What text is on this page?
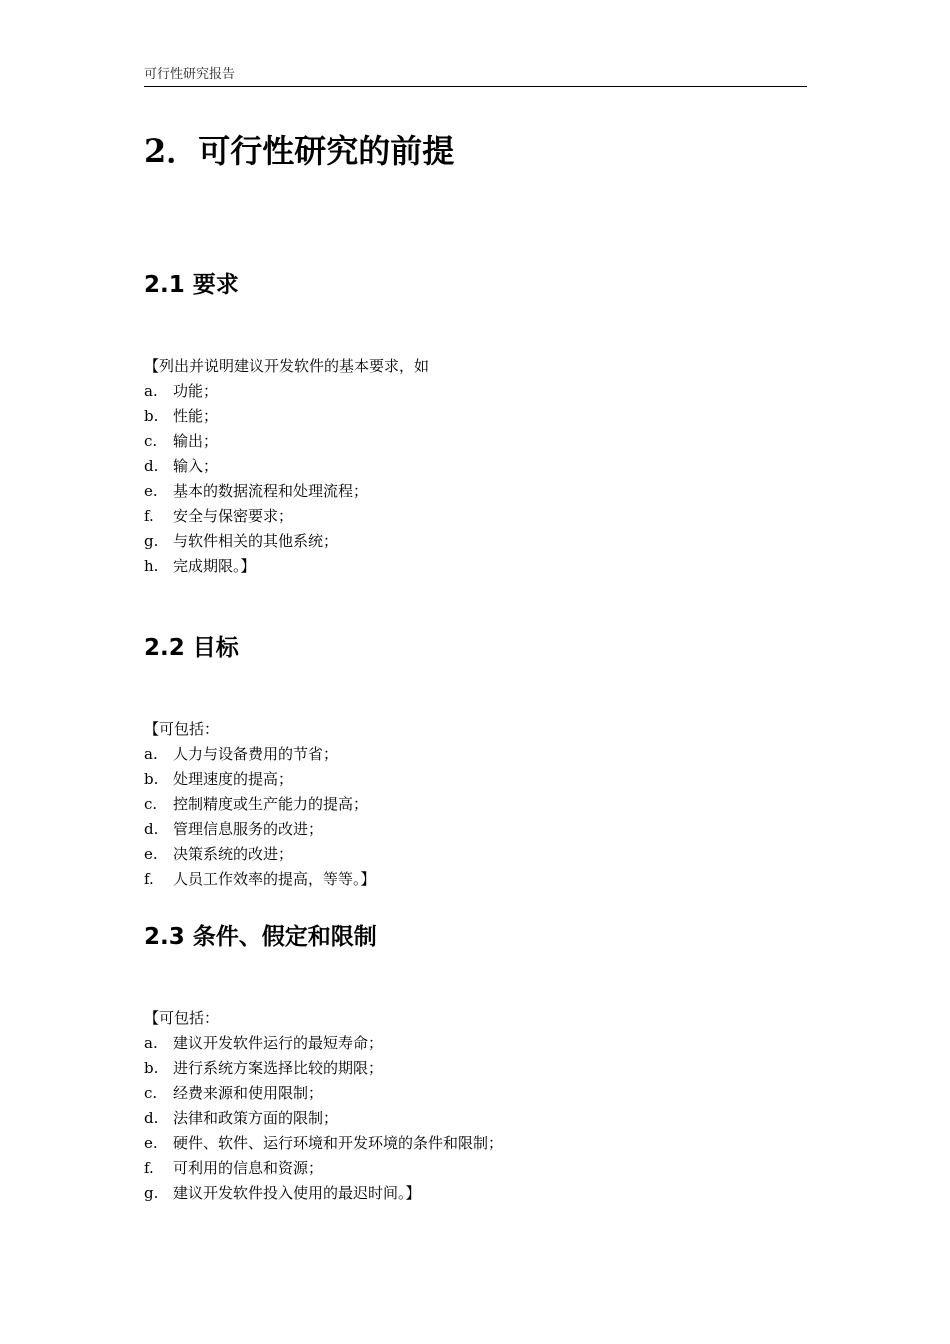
可行性研究报告
2．可行性研究的前提
2.1 要求
【列出并说明建议开发软件的基本要求，如
a.	功能；
b. 性能；
c.	输出；
d. 输入；
e.	基本的数据流程和处理流程；
f.	安全与保密要求；
g. 与软件相关的其他系统；
h. 完成期限。】
2.2 目标
【可包括：
a.	人力与设备费用的节省；
b. 处理速度的提高；
c.	控制精度或生产能力的提高；
d. 管理信息服务的改进；
e.	决策系统的改进；
f.	人员工作效率的提高，等等。】
2.3 条件、假定和限制
【可包括：
a.	建议开发软件运行的最短寿命；
b. 进行系统方案选择比较的期限；
c.	经费来源和使用限制；
d. 法律和政策方面的限制；
e.	硬件、软件、运行环境和开发环境的条件和限制；
f.	可利用的信息和资源；
g. 建议开发软件投入使用的最迟时间。】
